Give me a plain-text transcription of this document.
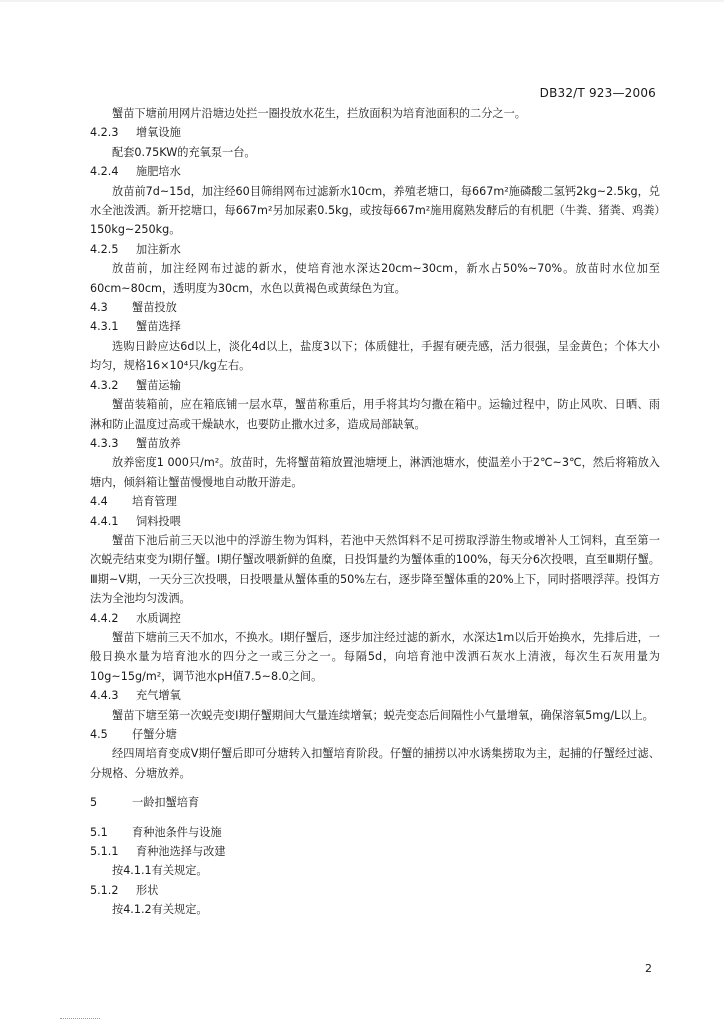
DB32/T 923—2006

蟹苗下塘前用网片沿塘边处拦一圈投放水花生，拦放面积为培育池面积的二分之一。

4.2.3 增氧设施

配套0.75KW的充氧泵一台。

4.2.4 施肥培水

放苗前7d~15d，加注经60目筛绢网布过滤新水10cm，养殖老塘口，每667m²施磷酸二氢钙2kg~2.5kg，兑水全池泼洒。新开挖塘口，每667m²另加尿素0.5kg，或按每667m²施用腐熟发酵后的有机肥（牛粪、猪粪、鸡粪）150kg~250kg。

4.2.5 加注新水

放苗前，加注经网布过滤的新水，使培育池水深达20cm~30cm，新水占50%~70%。放苗时水位加至60cm~80cm，透明度为30cm，水色以黄褐色或黄绿色为宜。

4.3 蟹苗投放
4.3.1 蟹苗选择

选购日龄应达6d以上，淡化4d以上，盐度3以下；体质健壮，手握有硬壳感，活力很强，呈金黄色；个体大小均匀，规格16×10⁴只/kg左右。

4.3.2 蟹苗运输

蟹苗装箱前，应在箱底铺一层水草，蟹苗称重后，用手将其均匀撒在箱中。运输过程中，防止风吹、日晒、雨淋和防止温度过高或干燥缺水，也要防止撒水过多，造成局部缺氧。

4.3.3 蟹苗放养

放养密度1 000只/m²。放苗时，先将蟹苗箱放置池塘埂上，淋洒池塘水，使温差小于2℃~3℃，然后将箱放入塘内，倾斜箱让蟹苗慢慢地自动散开游走。

4.4 培育管理
4.4.1 饲料投喂

蟹苗下池后前三天以池中的浮游生物为饵料，若池中天然饵料不足可捞取浮游生物或增补人工饲料，直至第一次蜕壳结束变为Ⅰ期仔蟹。Ⅰ期仔蟹改喂新鲜的鱼糜，日投饵量约为蟹体重的100%，每天分6次投喂，直至Ⅲ期仔蟹。Ⅲ期~Ⅴ期，一天分三次投喂，日投喂量从蟹体重的50%左右，逐步降至蟹体重的20%上下，同时搭喂浮萍。投饵方法为全池均匀泼洒。

4.4.2 水质调控

蟹苗下塘前三天不加水，不换水。Ⅰ期仔蟹后，逐步加注经过滤的新水，水深达1m以后开始换水，先排后进，一般日换水量为培育池水的四分之一或三分之一。每隔5d，向培育池中泼洒石灰水上清液，每次生石灰用量为10g~15g/m²，调节池水pH值7.5~8.0之间。

4.4.3 充气增氧

蟹苗下塘至第一次蜕壳变Ⅰ期仔蟹期间大气量连续增氧；蜕壳变态后间隔性小气量增氧，确保溶氧5mg/L以上。

4.5 仔蟹分塘

经四周培育变成Ⅴ期仔蟹后即可分塘转入扣蟹培育阶段。仔蟹的捕捞以冲水诱集捞取为主，起捕的仔蟹经过滤、分规格、分塘放养。

5	一龄扣蟹培育
5.1 育种池条件与设施
5.1.1 育种池选择与改建

按4.1.1有关规定。

5.1.2 形状

按4.1.2有关规定。

2
